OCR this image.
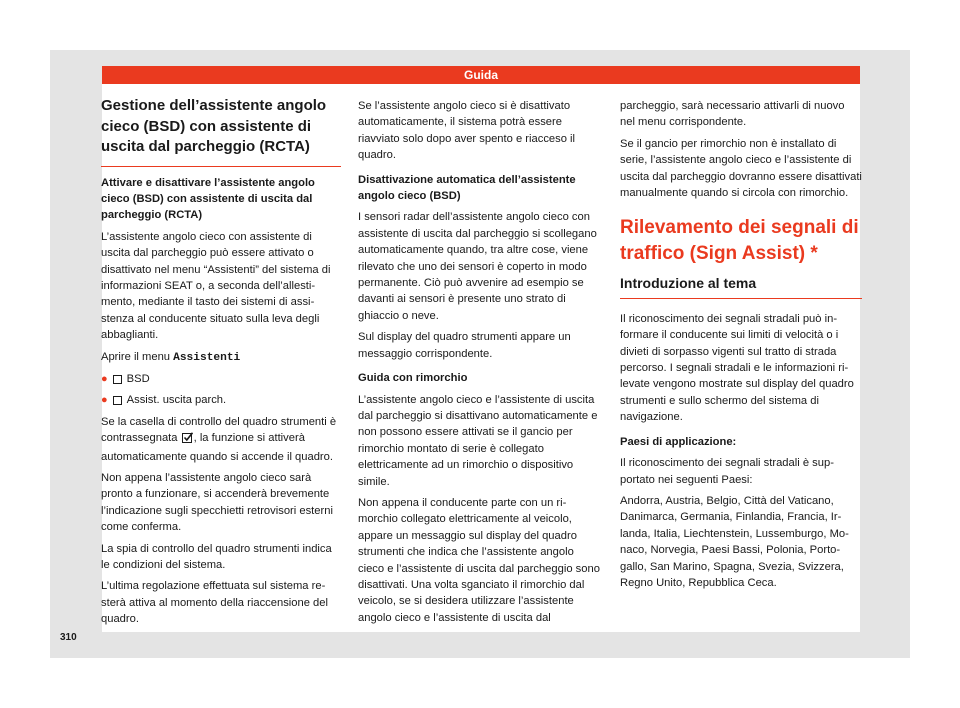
Guida
Gestione dell’assistente angolo cieco (BSD) con assistente di uscita dal parcheggio (RCTA)

Attivare e disattivare l’assistente angolo cieco (BSD) con assistente di uscita dal parcheggio (RCTA)

L’assistente angolo cieco con assistente di uscita dal parcheggio può essere attivato o disattivato nel menu “Assistenti” del sistema di informazioni SEAT o, a seconda dell’allestimento, mediante il tasto dei sistemi di assistenza al conducente situato sulla leva degli abbaglianti.

Aprire il menu Assistenti

● BSD
● Assist. uscita parch.

Se la casella di controllo del quadro strumenti è contrassegnata , la funzione si attiverà automaticamente quando si accende il quadro.

Non appena l’assistente angolo cieco sarà pronto a funzionare, si accenderà brevemente l’indicazione sugli specchietti retrovisori esterni come conferma.

La spia di controllo del quadro strumenti indica le condizioni del sistema.

L’ultima regolazione effettuata sul sistema resterà attiva al momento della riaccensione del quadro.

Se l’assistente angolo cieco si è disattivato automaticamente, il sistema potrà essere riavviato solo dopo aver spento e riacceso il quadro.

Disattivazione automatica dell’assistente angolo cieco (BSD)

I sensori radar dell’assistente angolo cieco con assistente di uscita dal parcheggio si scollegano automaticamente quando, tra altre cose, viene rilevato che uno dei sensori è coperto in modo permanente. Ciò può avvenire ad esempio se davanti ai sensori è presente uno strato di ghiaccio o neve.

Sul display del quadro strumenti appare un messaggio corrispondente.

Guida con rimorchio

L’assistente angolo cieco e l’assistente di uscita dal parcheggio si disattivano automaticamente e non possono essere attivati se il gancio per rimorchio montato di serie è collegato elettricamente ad un rimorchio o dispositivo simile.

Non appena il conducente parte con un rimorchio collegato elettricamente al veicolo, appare un messaggio sul display del quadro strumenti che indica che l’assistente angolo cieco e l’assistente di uscita dal parcheggio sono disattivati. Una volta sganciato il rimorchio dal veicolo, se si desidera utilizzare l’assistente angolo cieco e l’assistente di uscita dal

parcheggio, sarà necessario attivarli di nuovo nel menu corrispondente.

Se il gancio per rimorchio non è installato di serie, l’assistente angolo cieco e l’assistente di uscita dal parcheggio dovranno essere disattivati manualmente quando si circola con rimorchio.

Rilevamento dei segnali di traffico (Sign Assist) *
Introduzione al tema

Il riconoscimento dei segnali stradali può informare il conducente sui limiti di velocità o i divieti di sorpasso vigenti sul tratto di strada percorso. I segnali stradali e le informazioni rilevate vengono mostrate sul display del quadro strumenti e sullo schermo del sistema di navigazione.

Paesi di applicazione:

Il riconoscimento dei segnali stradali è supportato nei seguenti Paesi:

Andorra, Austria, Belgio, Città del Vaticano, Danimarca, Germania, Finlandia, Francia, Irlanda, Italia, Liechtenstein, Lussemburgo, Monaco, Norvegia, Paesi Bassi, Polonia, Portogallo, San Marino, Spagna, Svezia, Svizzera, Regno Unito, Repubblica Ceca.

310
